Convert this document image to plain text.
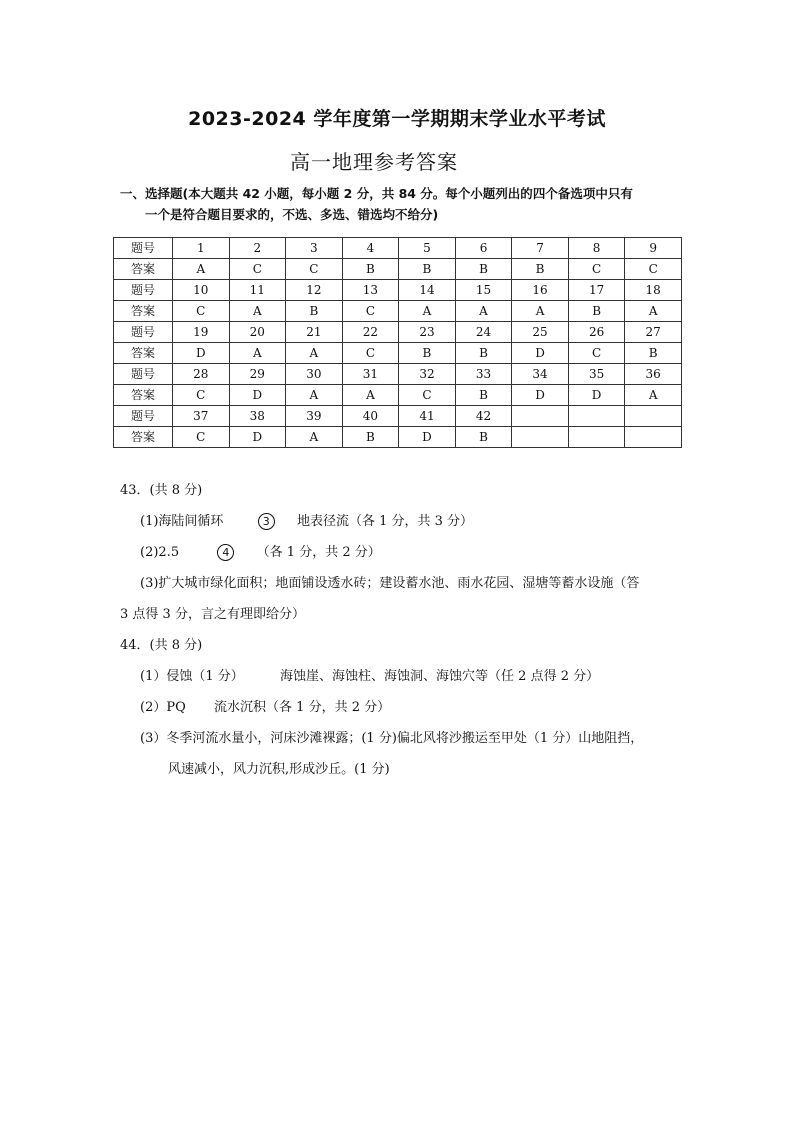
2023-2024 学年度第一学期期末学业水平考试
高一地理参考答案
一、选择题(本大题共 42 小题，每小题 2 分，共 84 分。每个小题列出的四个备选项中只有
一个是符合题目要求的，不选、多选、错选均不给分)
题号	1	2	3	4	5	6	7	8	9
答案	A	C	C	B	B	B	B	C	C
题号	10	11	12	13	14	15	16	17	18
答案	C	A	B	C	A	A	A	B	A
题号	19	20	21	22	23	24	25	26	27
答案	D	A	A	C	B	B	D	C	B
题号	28	29	30	31	32	33	34	35	36
答案	C	D	A	A	C	B	D	D	A
题号	37	38	39	40	41	42			
答案	C	D	A	B	D	B			
43．(共 8 分)
(1)海陆间循环	3 地表径流（各 1 分，共 3 分）
(2)2.5	4 （各 1 分，共 2 分）
(3)扩大城市绿化面积；地面铺设透水砖；建设蓄水池、雨水花园、湿塘等蓄水设施（答
3 点得 3 分，言之有理即给分）
44．(共 8 分)
(1）侵蚀（1 分）	海蚀崖、海蚀柱、海蚀洞、海蚀穴等（任 2 点得 2 分）
(2）PQ 流水沉积（各 1 分，共 2 分）
(3）冬季河流水量小，河床沙滩裸露；(1 分)偏北风将沙搬运至甲处（1 分）山地阻挡，
风速减小，风力沉积,形成沙丘。(1 分)
